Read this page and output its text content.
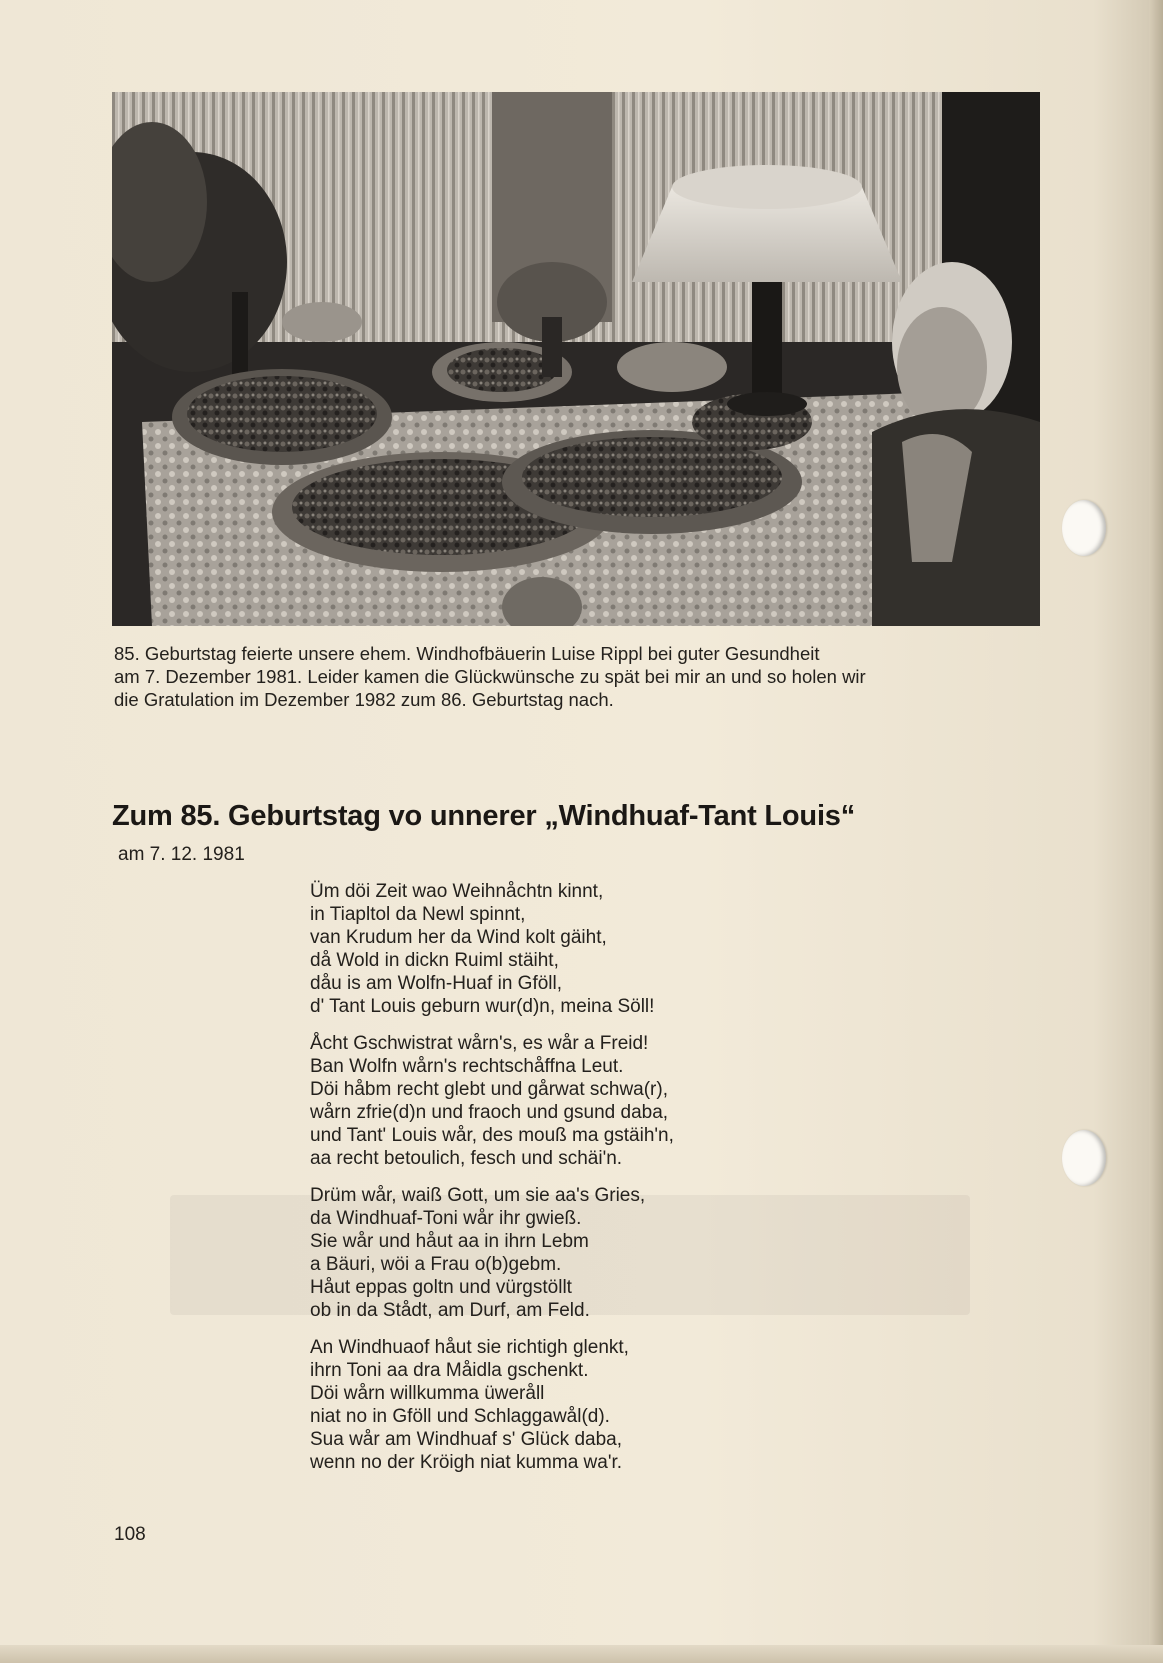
85. Geburtstag feierte unsere ehem. Windhofbäuerin Luise Rippl bei guter Gesundheit
am 7. Dezember 1981. Leider kamen die Glückwünsche zu spät bei mir an und so holen wir
die Gratulation im Dezember 1982 zum 86. Geburtstag nach.
Zum 85. Geburtstag vo unnerer „Windhuaf-Tant Louis“
am 7. 12. 1981
Üm döi Zeit wao Weihnåchtn kinnt,
in Tiapltol da Newl spinnt,
van Krudum her da Wind kolt gäiht,
då Wold in dickn Ruiml stäiht,
dåu is am Wolfn-Huaf in Gföll,
d' Tant Louis geburn wur(d)n, meina Söll!
Åcht Gschwistrat wårn's, es wår a Freid!
Ban Wolfn wårn's rechtschåffna Leut.
Döi håbm recht glebt und gårwat schwa(r),
wårn zfrie(d)n und fraoch und gsund daba,
und Tant' Louis wår, des mouß ma gstäih'n,
aa recht betoulich, fesch und schäi'n.
Drüm wår, waiß Gott, um sie aa's Gries,
da Windhuaf-Toni wår ihr gwieß.
Sie wår und håut aa in ihrn Lebm
a Bäuri, wöi a Frau o(b)gebm.
Håut eppas goltn und vürgstöllt
ob in da Stådt, am Durf, am Feld.
An Windhuaof håut sie richtigh glenkt,
ihrn Toni aa dra Måidla gschenkt.
Döi wårn willkumma üweråll
niat no in Gföll und Schlaggawål(d).
Sua wår am Windhuaf s' Glück daba,
wenn no der Kröigh niat kumma wa'r.
108
